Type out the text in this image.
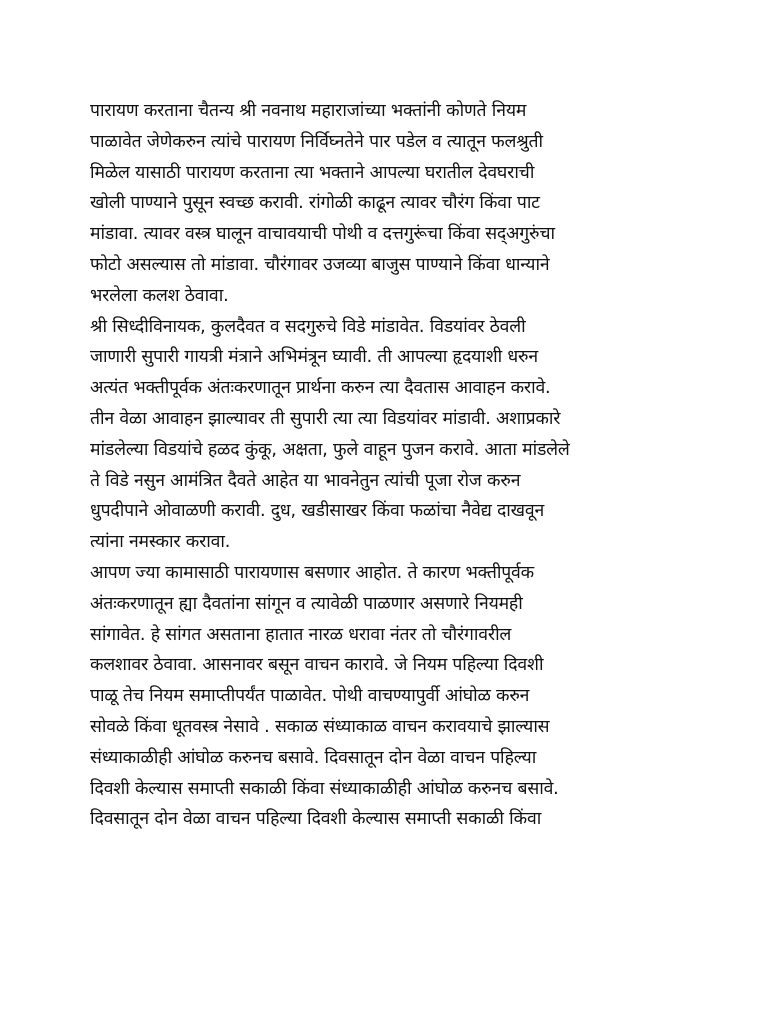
पारायण करताना चैतन्य श्री नवनाथ महाराजांच्या भक्तांनी कोणते नियम
पाळावेत जेणेकरुन त्यांचे पारायण निर्विघ्नतेने पार पडेल व त्यातून फलश्रुती
मिळेल यासाठी पारायण करताना त्या भक्ताने आपल्या घरातील देवघराची
खोली पाण्याने पुसून स्वच्छ करावी. रांगोळी काढून त्यावर चौरंग किंवा पाट
मांडावा. त्यावर वस्त्र घालून वाचावयाची पोथी व दत्तगुरूंचा किंवा सद्अगुरुंचा
फोटो असल्यास तो मांडावा. चौरंगावर उजव्या बाजुस पाण्याने किंवा धान्याने
भरलेला कलश ठेवावा.
श्री सिध्दीविनायक, कुलदैवत व सदगुरुचे विडे मांडावेत. विडयांवर ठेवली
जाणारी सुपारी गायत्री मंत्राने अभिमंत्रून घ्यावी. ती आपल्या हृदयाशी धरुन
अत्यंत भक्तीपूर्वक अंतःकरणातून प्रार्थना करुन त्या दैवतास आवाहन करावे.
तीन वेळा आवाहन झाल्यावर ती सुपारी त्या त्या विडयांवर मांडावी. अशाप्रकारे
मांडलेल्या विडयांचे हळद कुंकू, अक्षता, फुले वाहून पुजन करावे. आता मांडलेले
ते विडे नसुन आमंत्रित दैवते आहेत या भावनेतुन त्यांची पूजा रोज करुन
धुपदीपाने ओवाळणी करावी. दुध, खडीसाखर किंवा फळांचा नैवेद्य दाखवून
त्यांना नमस्कार करावा.
आपण ज्या कामासाठी पारायणास बसणार आहोत. ते कारण भक्तीपूर्वक
अंतःकरणातून ह्या दैवतांना सांगून व त्यावेळी पाळणार असणारे नियमही
सांगावेत. हे सांगत असताना हातात नारळ धरावा नंतर तो चौरंगावरील
कलशावर ठेवावा. आसनावर बसून वाचन कारावे. जे नियम पहिल्या दिवशी
पाळू तेच नियम समाप्तीपर्यंत पाळावेत. पोथी वाचण्यापुर्वी आंघोळ करुन
सोवळे किंवा धूतवस्त्र नेसावे . सकाळ संध्याकाळ वाचन करावयाचे झाल्यास
संध्याकाळीही आंघोळ करुनच बसावे. दिवसातून दोन वेळा वाचन पहिल्या
दिवशी केल्यास समाप्ती सकाळी किंवा संध्याकाळीही आंघोळ करुनच बसावे.
दिवसातून दोन वेळा वाचन पहिल्या दिवशी केल्यास समाप्ती सकाळी किंवा
